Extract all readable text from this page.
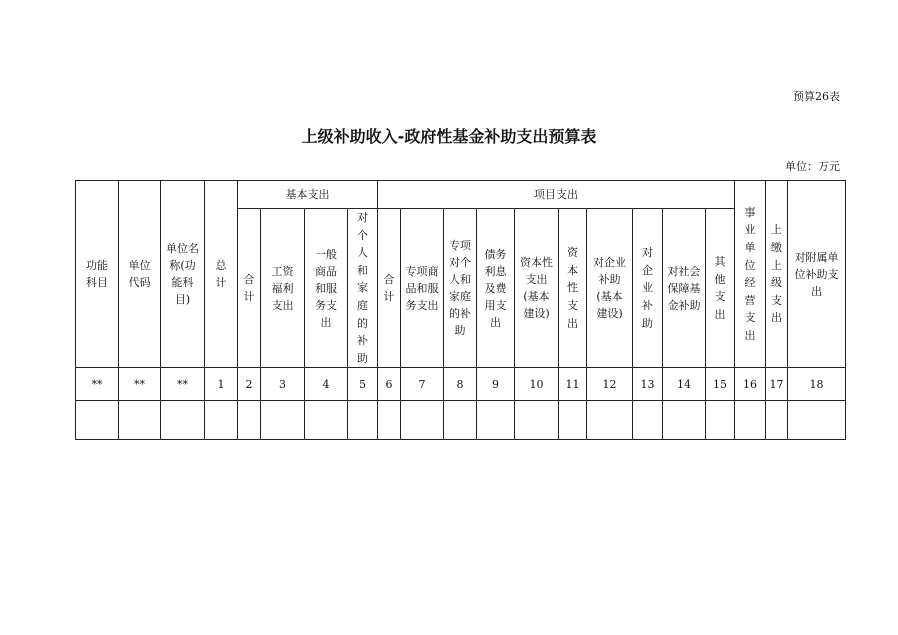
预算26表
上级补助收入-政府性基金补助支出预算表
单位：万元
功能科目	单位代码	单位名称(功能科目)	总计	基本支出				项目支出										事业单位经营支出	上缴上级支出	对附属单位补助支出
				合计	工资福利支出	一般商品和服务支出	对个人和家庭的补助	合计	专项商品和服务支出	专项对个人和家庭的补助	债务利息及费用支出	资本性支出(基本建设)	资本性支出	对企业补助(基本建设)	对企业补助	对社会保障基金补助	其他支出			
**	**	**	1	2	3	4	5	6	7	8	9	10	11	12	13	14	15	16	17	18
